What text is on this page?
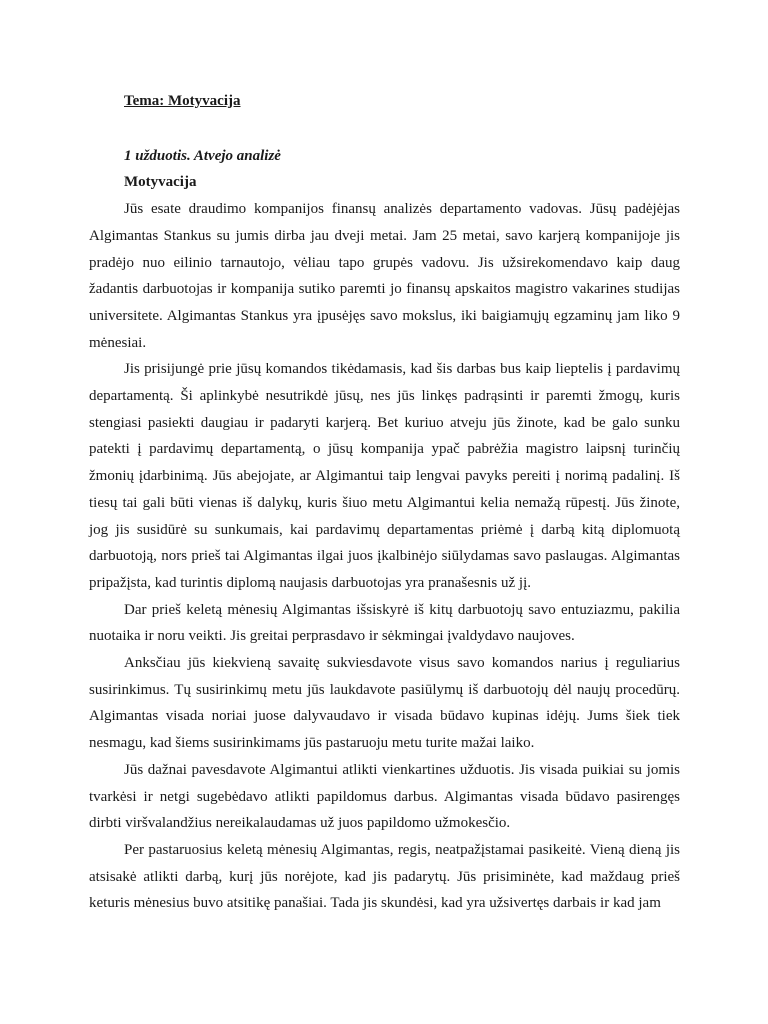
Tema: Motyvacija
1 užduotis. Atvejo analizė
Motyvacija

Jūs esate draudimo kompanijos finansų analizės departamento vadovas. Jūsų padėjėjas Algimantas Stankus su jumis dirba jau dveji metai. Jam 25 metai, savo karjerą kompanijoje jis pradėjo nuo eilinio tarnautojo, vėliau tapo grupės vadovu. Jis užsirekomendavo kaip daug žadantis darbuotojas ir kompanija sutiko paremti jo finansų apskaitos magistro vakarines studijas universitete. Algimantas Stankus yra įpusėjęs savo mokslus, iki baigiamųjų egzaminų jam liko 9 mėnesiai.

Jis prisijungė prie jūsų komandos tikėdamasis, kad šis darbas bus kaip lieptelis į pardavimų departamentą. Ši aplinkybė nesutrikdė jūsų, nes jūs linkęs padrąsinti ir paremti žmogų, kuris stengiasi pasiekti daugiau ir padaryti karjerą. Bet kuriuo atveju jūs žinote, kad be galo sunku patekti į pardavimų departamentą, o jūsų kompanija ypač pabrėžia magistro laipsnį turinčių žmonių įdarbinimą. Jūs abejojate, ar Algimantui taip lengvai pavyks pereiti į norimą padalinį. Iš tiesų tai gali būti vienas iš dalykų, kuris šiuo metu Algimantui kelia nemažą rūpestį. Jūs žinote, jog jis susidūrė su sunkumais, kai pardavimų departamentas priėmė į darbą kitą diplomuotą darbuotoją, nors prieš tai Algimantas ilgai juos įkalbinėjo siūlydamas savo paslaugas. Algimantas pripažįsta, kad turintis diplomą naujasis darbuotojas yra pranašesnis už jį.

Dar prieš keletą mėnesių Algimantas išsiskyrė iš kitų darbuotojų savo entuziazmu, pakilia nuotaika ir noru veikti. Jis greitai perprasdavo ir sėkmingai įvaldydavo naujoves.

Anksčiau jūs kiekvieną savaitę sukviesdavote visus savo komandos narius į reguliarius susirinkimus. Tų susirinkimų metu jūs laukdavote pasiūlymų iš darbuotojų dėl naujų procedūrų. Algimantas visada noriai juose dalyvaudavo ir visada būdavo kupinas idėjų. Jums šiek tiek nesmagu, kad šiems susirinkimams jūs pastaruoju metu turite mažai laiko.

Jūs dažnai pavesdavote Algimantui atlikti vienkartines užduotis. Jis visada puikiai su jomis tvarkėsi ir netgi sugebėdavo atlikti papildomus darbus. Algimantas visada būdavo pasirengęs dirbti viršvalandžius nereikalaudamas už juos papildomo užmokesčio.

Per pastaruosius keletą mėnesių Algimantas, regis, neatpažįstamai pasikeitė. Vieną dieną jis atsisakė atlikti darbą, kurį jūs norėjote, kad jis padarytų. Jūs prisiminėte, kad maždaug prieš keturis mėnesius buvo atsitikę panašiai. Tada jis skundėsi, kad yra užsivertęs darbais ir kad jam
